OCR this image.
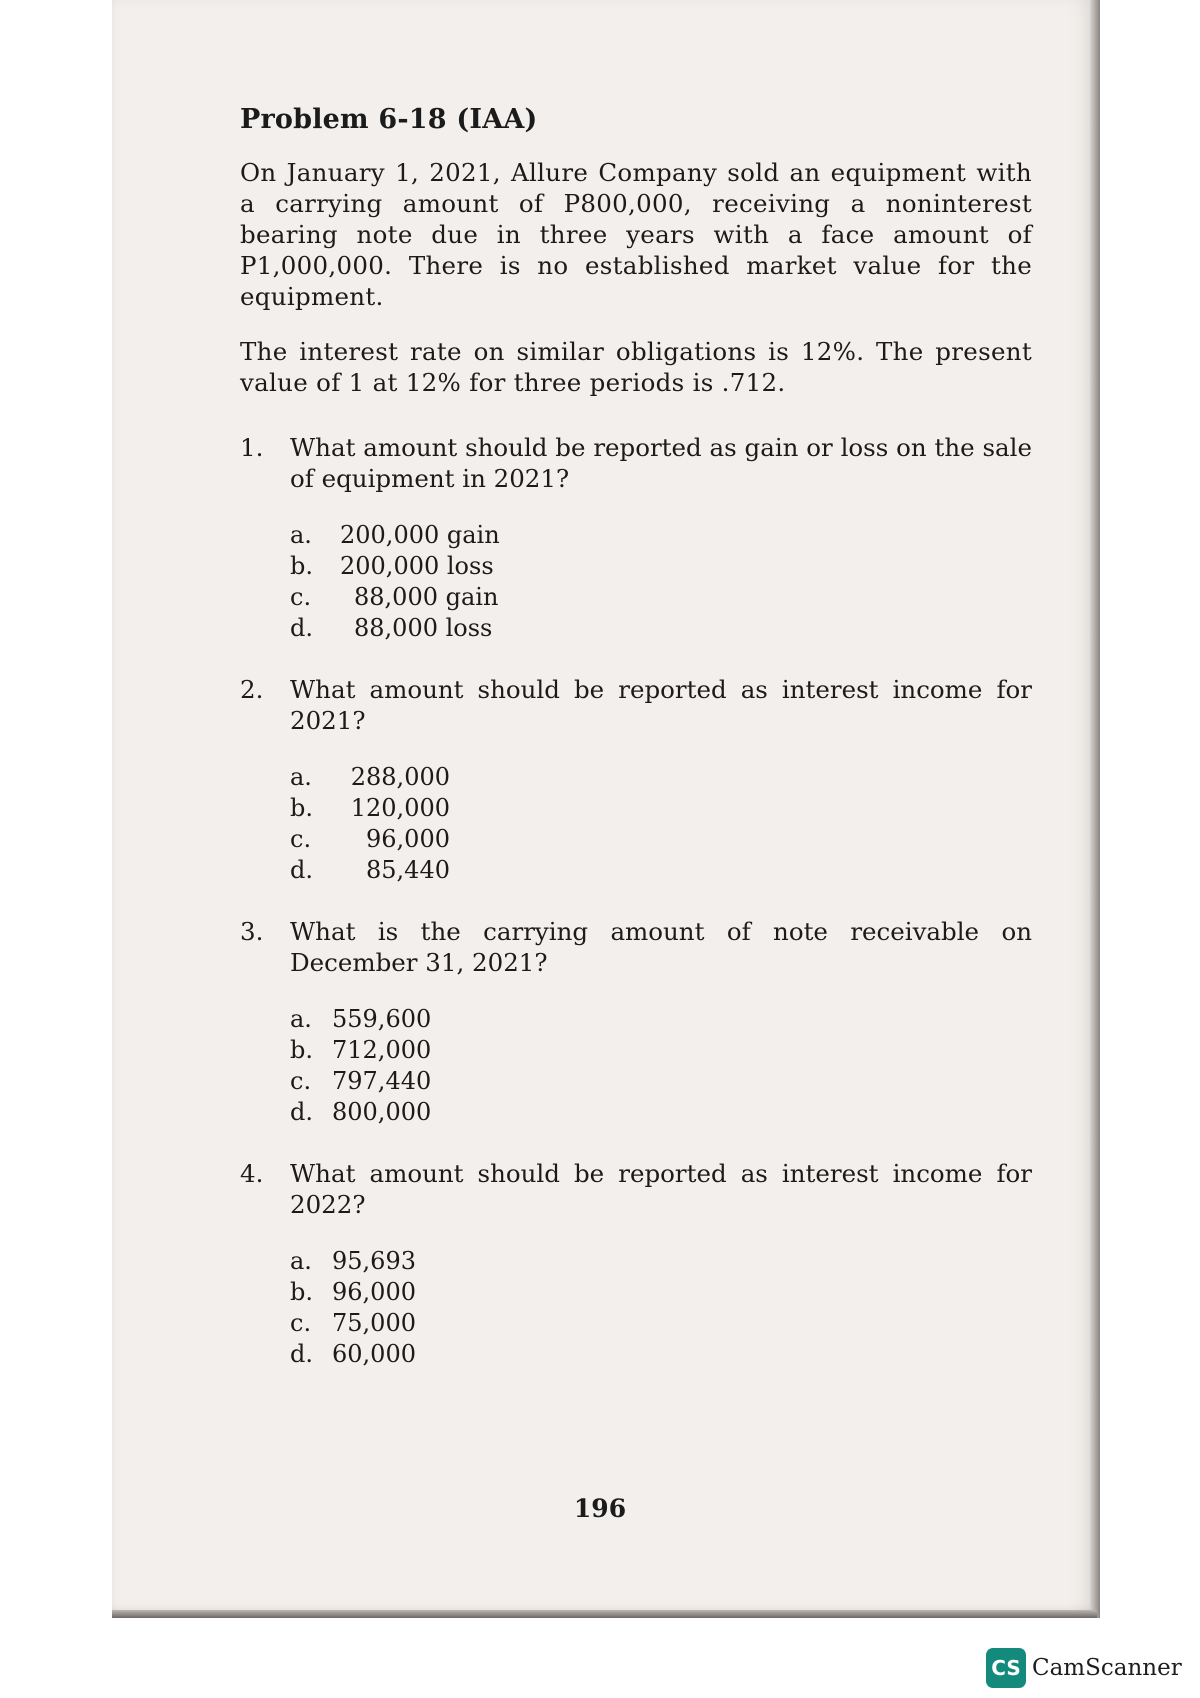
Problem 6-18 (IAA)

On January 1, 2021, Allure Company sold an equipment with a carrying amount of P800,000, receiving a noninterest bearing note due in three years with a face amount of P1,000,000. There is no established market value for the equipment.

The interest rate on similar obligations is 12%. The present value of 1 at 12% for three periods is .712.

1.	What amount should be reported as gain or loss on the sale of equipment in 2021?
a.	200,000 gain
b.	200,000 loss
c.	88,000 gain
d.	88,000 loss
2.	What amount should be reported as interest income for 2021?
a.	288,000
b.	120,000
c.	96,000
d.	85,440
3.	What is the carrying amount of note receivable on December 31, 2021?
a. 559,600
b. 712,000
c. 797,440
d. 800,000
4.	What amount should be reported as interest income for 2022?
a. 95,693
b. 96,000
c. 75,000
d. 60,000
196
CS CamScanner
